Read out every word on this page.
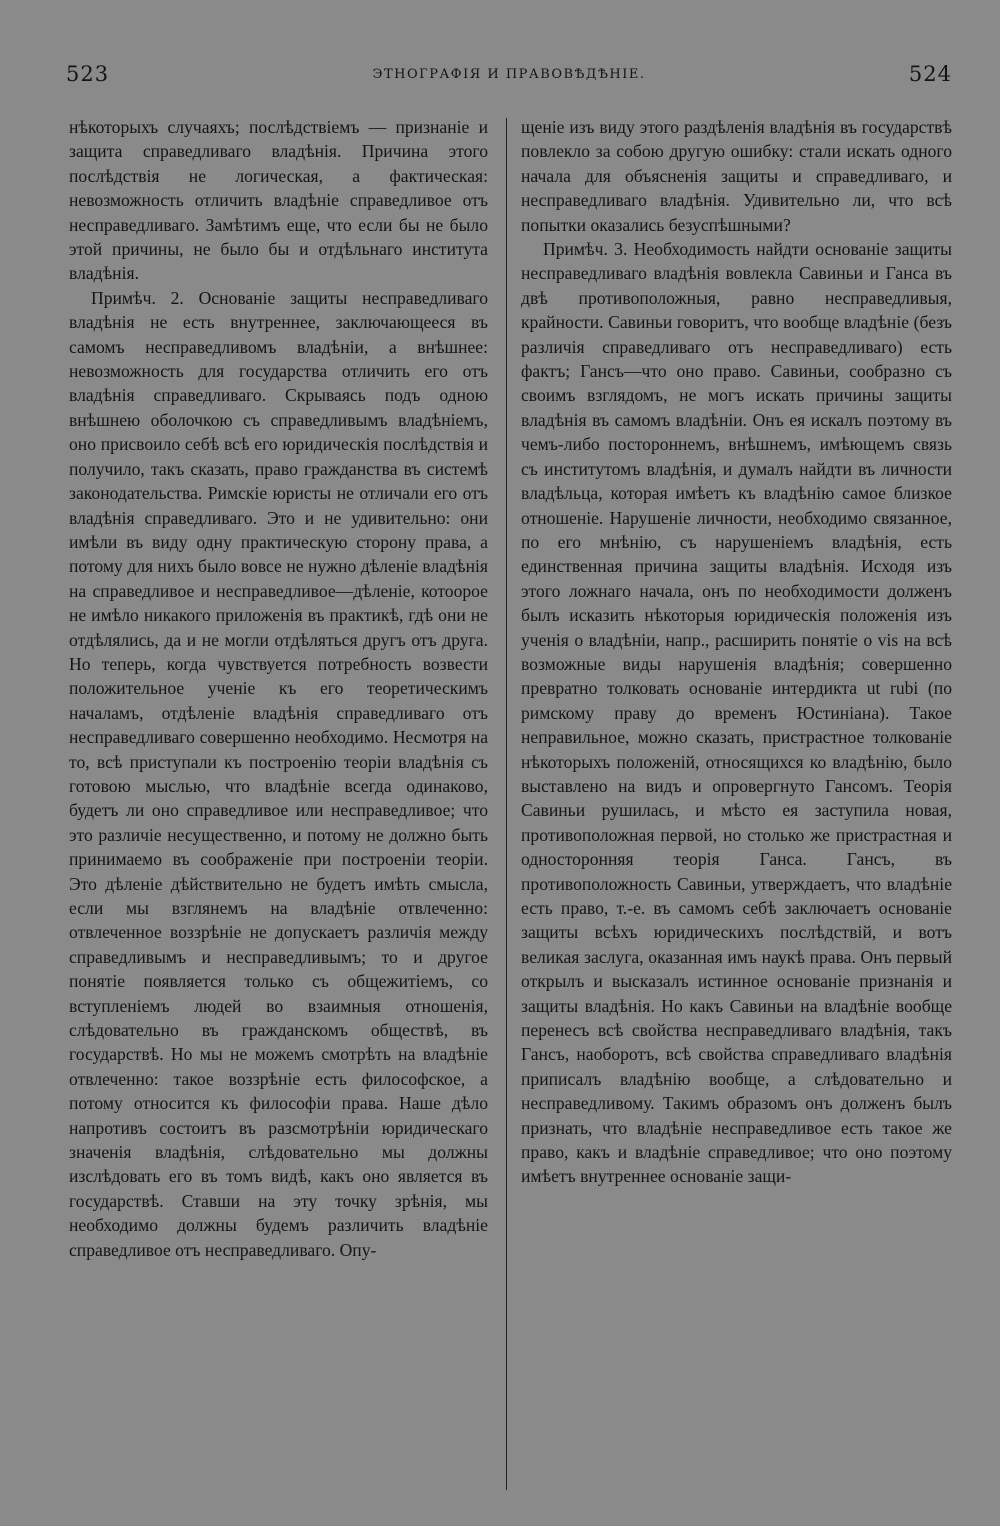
523	ЭТНОГРАФІЯ И ПРАВОВѢДѢНІЕ.	524

нѣкоторыхъ случаяхъ; послѣдствіемъ — признаніе и защита справедливаго владѣнія. Причина этого послѣдствія не логическая, а фактическая: невозможность отличить владѣніе справедливое отъ несправедливаго. Замѣтимъ еще, что если бы не было этой причины, не было бы и отдѣльнаго института владѣнія.

Примѣч. 2. Основаніе защиты несправедливаго владѣнія не есть внутреннее, заключающееся въ самомъ несправедливомъ владѣніи, а внѣшнее: невозможность для государства отличить его отъ владѣнія справедливаго. Скрываясь подъ одною внѣшнею оболочкою съ справедливымъ владѣніемъ, оно присвоило себѣ всѣ его юридическія послѣдствія и получило, такъ сказать, право гражданства въ системѣ законодательства. Римскіе юристы не отличали его отъ владѣнія справедливаго. Это и не удивительно: они имѣли въ виду одну практическую сторону права, а потому для нихъ было вовсе не нужно дѣленіе владѣнія на справедливое и несправедливое—дѣленіе, котоорое не имѣло никакого приложенія въ практикѣ, гдѣ они не отдѣлялись, да и не могли отдѣляться другъ отъ друга. Но теперь, когда чувствуется потребность возвести положительное ученіе къ его теоретическимъ началамъ, отдѣленіе владѣнія справедливаго отъ несправедливаго совершенно необходимо. Несмотря на то, всѣ приступали къ построенію теоріи владѣнія съ готовою мыслью, что владѣніе всегда одинаково, будетъ ли оно справедливое или несправедливое; что это различіе несущественно, и потому не должно быть принимаемо въ соображеніе при построеніи теоріи. Это дѣленіе дѣйствительно не будетъ имѣть смысла, если мы взглянемъ на владѣніе отвлеченно: отвлеченное воззрѣніе не допускаетъ различія между справедливымъ и несправедливымъ; то и другое понятіе появляется только съ общежитіемъ, со вступленіемъ людей во взаимныя отношенія, слѣдовательно въ гражданскомъ обществѣ, въ государствѣ. Но мы не можемъ смотрѣть на владѣніе отвлеченно: такое воззрѣніе есть философское, а потому относится къ философіи права. Наше дѣло напротивъ состоитъ въ разсмотрѣніи юридическаго значенія владѣнія, слѣдовательно мы должны изслѣдовать его въ томъ видѣ, какъ оно является въ государствѣ. Ставши на эту точку зрѣнія, мы необходимо должны будемъ различить владѣніе справедливое отъ несправедливаго. Опу-

щеніе изъ виду этого раздѣленія владѣнія въ государствѣ повлекло за собою другую ошибку: стали искать одного начала для объясненія защиты и справедливаго, и несправедливаго владѣнія. Удивительно ли, что всѣ попытки оказались безуспѣшными?

Примѣч. 3. Необходимость найдти основаніе защиты несправедливаго владѣнія вовлекла Савиньи и Ганса въ двѣ противоположныя, равно несправедливыя, крайности. Савиньи говоритъ, что вообще владѣніе (безъ различія справедливаго отъ несправедливаго) есть фактъ; Гансъ—что оно право. Савиньи, сообразно съ своимъ взглядомъ, не могъ искать причины защиты владѣнія въ самомъ владѣніи. Онъ ея искалъ поэтому въ чемъ-либо постороннемъ, внѣшнемъ, имѣющемъ связь съ институтомъ владѣнія, и думалъ найдти въ личности владѣльца, которая имѣетъ къ владѣнію самое близкое отношеніе. Нарушеніе личности, необходимо связанное, по его мнѣнію, съ нарушеніемъ владѣнія, есть единственная причина защиты владѣнія. Исходя изъ этого ложнаго начала, онъ по необходимости долженъ былъ исказить нѣкоторыя юридическія положенія изъ ученія о владѣніи, напр., расширить понятіе о vis на всѣ возможные виды нарушенія владѣнія; совершенно превратно толковать основаніе интердикта ut rubi (по римскому праву до временъ Юстиніана). Такое неправильное, можно сказать, пристрастное толкованіе нѣкоторыхъ положеній, относящихся ко владѣнію, было выставлено на видъ и опровергнуто Гансомъ. Теорія Савиньи рушилась, и мѣсто ея заступила новая, противоположная первой, но столько же пристрастная и односторонняя теорія Ганса. Гансъ, въ противоположность Савиньи, утверждаетъ, что владѣніе есть право, т.-е. въ самомъ себѣ заключаетъ основаніе защиты всѣхъ юридическихъ послѣдствій, и вотъ великая заслуга, оказанная имъ наукѣ права. Онъ первый открылъ и высказалъ истинное основаніе признанія и защиты владѣнія. Но какъ Савиньи на владѣніе вообще перенесъ всѣ свойства несправедливаго владѣнія, такъ Гансъ, наоборотъ, всѣ свойства справедливаго владѣнія приписалъ владѣнію вообще, а слѣдовательно и несправедливому. Такимъ образомъ онъ долженъ былъ признать, что владѣніе несправедливое есть такое же право, какъ и владѣніе справедливое; что оно поэтому имѣетъ внутреннее основаніе защи-
